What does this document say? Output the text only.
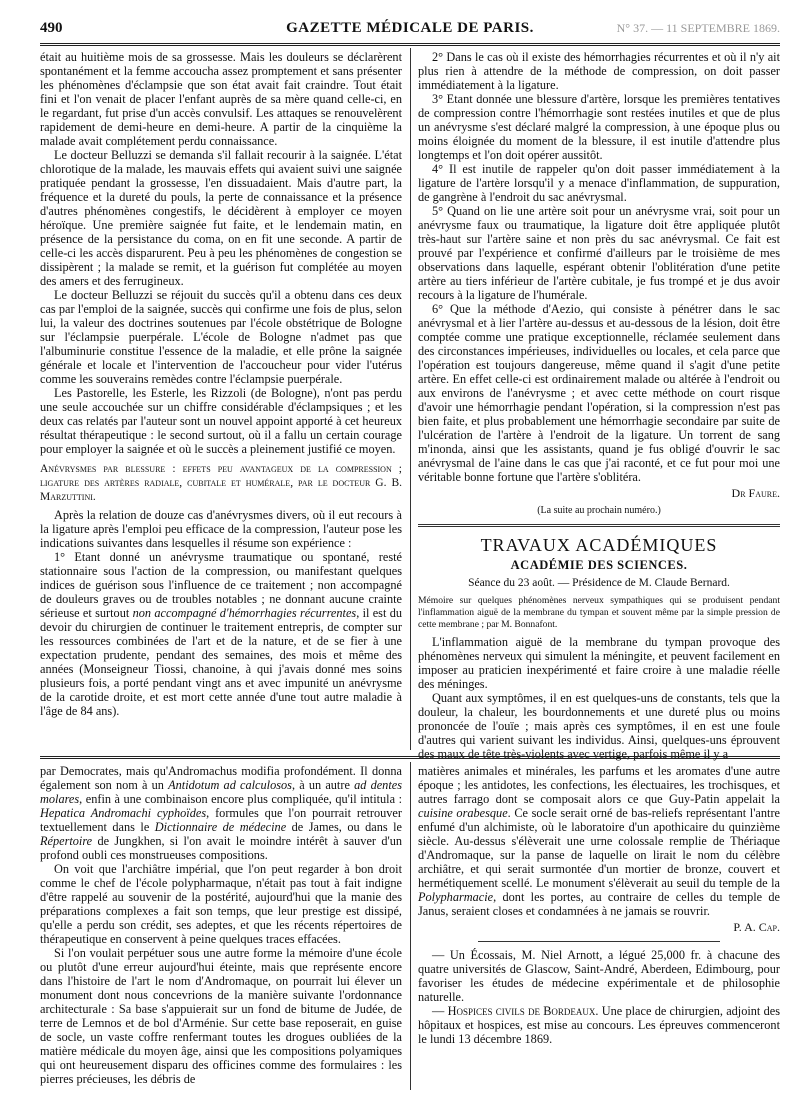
490	GAZETTE MÉDICALE DE PARIS.	N° 37. — 11 SEPTEMBRE 1869.

était au huitième mois de sa grossesse. Mais les douleurs se déclarèrent spontanément et la femme accoucha assez promptement et sans présenter les phénomènes d'éclampsie que son état avait fait craindre. Tout était fini et l'on venait de placer l'enfant auprès de sa mère quand celle-ci, en le regardant, fut prise d'un accès convulsif. Les attaques se renouvelèrent rapidement de demi-heure en demi-heure. A partir de la cinquième la malade avait complétement perdu connaissance.

Le docteur Belluzzi se demanda s'il fallait recourir à la saignée. L'état chlorotique de la malade, les mauvais effets qui avaient suivi une saignée pratiquée pendant la grossesse, l'en dissuadaient. Mais d'autre part, la fréquence et la dureté du pouls, la perte de connaissance et la présence d'autres phénomènes congestifs, le décidèrent à employer ce moyen héroïque. Une première saignée fut faite, et le lendemain matin, en présence de la persistance du coma, on en fit une seconde. A partir de celle-ci les accès disparurent. Peu à peu les phénomènes de congestion se dissipèrent ; la malade se remit, et la guérison fut complétée au moyen des amers et des ferrugineux.

Le docteur Belluzzi se réjouit du succès qu'il a obtenu dans ces deux cas par l'emploi de la saignée, succès qui confirme une fois de plus, selon lui, la valeur des doctrines soutenues par l'école obstétrique de Bologne sur l'éclampsie puerpérale. L'école de Bologne n'admet pas que l'albuminurie constitue l'essence de la maladie, et elle prône la saignée générale et locale et l'intervention de l'accoucheur pour vider l'utérus comme les souverains remèdes contre l'éclampsie puerpérale.

Les Pastorelle, les Esterle, les Rizzoli (de Bologne), n'ont pas perdu une seule accouchée sur un chiffre considérable d'éclampsiques ; et les deux cas relatés par l'auteur sont un nouvel appoint apporté à cet heureux résultat thérapeutique : le second surtout, où il a fallu un certain courage pour employer la saignée et où le succès a pleinement justifié ce moyen.

Anévrysmes par blessure : effets peu avantageux de la compression ; ligature des artères radiale, cubitale et humérale, par le docteur G. B. Marzuttini.

Après la relation de douze cas d'anévrysmes divers, où il eut recours à la ligature après l'emploi peu efficace de la compression, l'auteur pose les indications suivantes dans lesquelles il résume son expérience :

1° Etant donné un anévrysme traumatique ou spontané, resté stationnaire sous l'action de la compression, ou manifestant quelques indices de guérison sous l'influence de ce traitement ; non accompagné de douleurs graves ou de troubles notables ; ne donnant aucune crainte sérieuse et surtout non accompagné d'hémorrhagies récurrentes, il est du devoir du chirurgien de continuer le traitement entrepris, de compter sur les ressources combinées de l'art et de la nature, et de se fier à une expectation prudente, pendant des semaines, des mois et même des années (Monseigneur Tiossi, chanoine, à qui j'avais donné mes soins plusieurs fois, a porté pendant vingt ans et avec impunité un anévrysme de la carotide droite, et est mort cette année d'une tout autre maladie à l'âge de 84 ans).

2° Dans le cas où il existe des hémorrhagies récurrentes et où il n'y ait plus rien à attendre de la méthode de compression, on doit passer immédiatement à la ligature.

3° Etant donnée une blessure d'artère, lorsque les premières tentatives de compression contre l'hémorrhagie sont restées inutiles et que de plus un anévrysme s'est déclaré malgré la compression, à une époque plus ou moins éloignée du moment de la blessure, il est inutile d'attendre plus longtemps et l'on doit opérer aussitôt.

4° Il est inutile de rappeler qu'on doit passer immédiatement à la ligature de l'artère lorsqu'il y a menace d'inflammation, de suppuration, de gangrène à l'endroit du sac anévrysmal.

5° Quand on lie une artère soit pour un anévrysme vrai, soit pour un anévrysme faux ou traumatique, la ligature doit être appliquée plutôt très-haut sur l'artère saine et non près du sac anévrysmal. Ce fait est prouvé par l'expérience et confirmé d'ailleurs par le troisième de mes observations dans laquelle, espérant obtenir l'oblitération d'une petite artère au tiers inférieur de l'artère cubitale, je fus trompé et je dus avoir recours à la ligature de l'humérale.

6° Que la méthode d'Aezio, qui consiste à pénétrer dans le sac anévrysmal et à lier l'artère au-dessus et au-dessous de la lésion, doit être comptée comme une pratique exceptionnelle, réclamée seulement dans des circonstances impérieuses, individuelles ou locales, et cela parce que l'opération est toujours dangereuse, même quand il s'agit d'une petite artère. En effet celle-ci est ordinairement malade ou altérée à l'endroit ou aux environs de l'anévrysme ; et avec cette méthode on court risque d'avoir une hémorrhagie pendant l'opération, si la compression n'est pas bien faite, et plus probablement une hémorrhagie secondaire par suite de l'ulcération de l'artère à l'endroit de la ligature. Un torrent de sang m'inonda, ainsi que les assistants, quand je fus obligé d'ouvrir le sac anévrysmal de l'aine dans le cas que j'ai raconté, et ce fut pour moi une véritable bonne fortune que l'artère s'oblitéra.

Dr Faure.
(La suite au prochain numéro.)
TRAVAUX ACADÉMIQUES
ACADÉMIE DES SCIENCES.
Séance du 23 août. — Présidence de M. Claude Bernard.

Mémoire sur quelques phénomènes nerveux sympathiques qui se produisent pendant l'inflammation aiguë de la membrane du tympan et souvent même par la simple pression de cette membrane ; par M. Bonnafont.

L'inflammation aiguë de la membrane du tympan provoque des phénomènes nerveux qui simulent la méningite, et peuvent facilement en imposer au praticien inexpérimenté et faire croire à une maladie réelle des méninges.

Quant aux symptômes, il en est quelques-uns de constants, tels que la douleur, la chaleur, les bourdonnements et une dureté plus ou moins prononcée de l'ouïe ; mais après ces symptômes, il en est une foule d'autres qui varient suivant les individus. Ainsi, quelques-uns éprouvent des maux de tête très-violents avec vertige, parfois même il y a

par Democrates, mais qu'Andromachus modifia profondément. Il donna également son nom à un Antidotum ad calculosos, à un autre ad dentes molares, enfin à une combinaison encore plus compliquée, qu'il intitula : Hepatica Andromachi cyphoïdes, formules que l'on pourrait retrouver textuellement dans le Dictionnaire de médecine de James, ou dans le Répertoire de Jungkhen, si l'on avait le moindre intérêt à sauver d'un profond oubli ces monstrueuses compositions.

On voit que l'archiâtre impérial, que l'on peut regarder à bon droit comme le chef de l'école polypharmaque, n'était pas tout à fait indigne d'être rappelé au souvenir de la postérité, aujourd'hui que la manie des préparations complexes a fait son temps, que leur prestige est dissipé, qu'elle a perdu son crédit, ses adeptes, et que les récents répertoires de thérapeutique en conservent à peine quelques traces effacées.

Si l'on voulait perpétuer sous une autre forme la mémoire d'une école ou plutôt d'une erreur aujourd'hui éteinte, mais que représente encore dans l'histoire de l'art le nom d'Andromaque, on pourrait lui élever un monument dont nous concevrions de la manière suivante l'ordonnance architecturale : Sa base s'appuierait sur un fond de bitume de Judée, de terre de Lemnos et de bol d'Arménie. Sur cette base reposerait, en guise de socle, un vaste coffre renfermant toutes les drogues oubliées de la matière médicale du moyen âge, ainsi que les compositions polyamiques qui ont heureusement disparu des officines comme des formulaires : les pierres précieuses, les débris de

matières animales et minérales, les parfums et les aromates d'une autre époque ; les antidotes, les confections, les électuaires, les trochisques, et autres farrago dont se composait alors ce que Guy-Patin appelait la cuisine orabesque. Ce socle serait orné de bas-reliefs représentant l'antre enfumé d'un alchimiste, où le laboratoire d'un apothicaire du quinzième siècle. Au-dessus s'élèverait une urne colossale remplie de Thériaque d'Andromaque, sur la panse de laquelle on lirait le nom du célèbre archiâtre, et qui serait surmontée d'un mortier de bronze, couvert et hermétiquement scellé. Le monument s'élèverait au seuil du temple de la Polypharmacie, dont les portes, au contraire de celles du temple de Janus, seraient closes et condamnées à ne jamais se rouvrir.

P. A. Cap.

— Un Écossais, M. Niel Arnott, a légué 25,000 fr. à chacune des quatre universités de Glascow, Saint-André, Aberdeen, Edimbourg, pour favoriser les études de médecine expérimentale et de philosophie naturelle.

— Hospices civils de Bordeaux. Une place de chirurgien, adjoint des hôpitaux et hospices, est mise au concours. Les épreuves commenceront le lundi 13 décembre 1869.
